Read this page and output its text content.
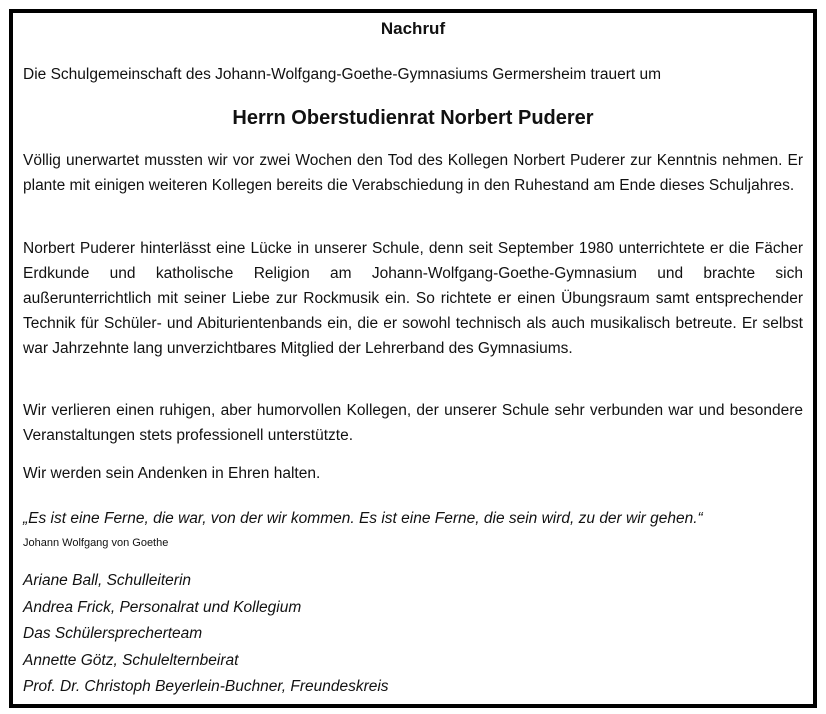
Nachruf
Die Schulgemeinschaft des Johann-Wolfgang-Goethe-Gymnasiums Germersheim trauert um
Herrn Oberstudienrat Norbert Puderer

Völlig unerwartet mussten wir vor zwei Wochen den Tod des Kollegen Norbert Puderer zur Kenntnis nehmen. Er plante mit einigen weiteren Kollegen bereits die Verabschiedung in den Ruhestand am Ende dieses Schuljahres.

Norbert Puderer hinterlässt eine Lücke in unserer Schule, denn seit September 1980 unterrichtete er die Fächer Erdkunde und katholische Religion am Johann-Wolfgang-Goethe-Gymnasium und brachte sich außerunterrichtlich mit seiner Liebe zur Rockmusik ein. So richtete er einen Übungsraum samt entsprechender Technik für Schüler- und Abiturientenbands ein, die er sowohl technisch als auch musikalisch betreute. Er selbst war Jahrzehnte lang unverzichtbares Mitglied der Lehrerband des Gymnasiums.

Wir verlieren einen ruhigen, aber humorvollen Kollegen, der unserer Schule sehr verbunden war und besondere Veranstaltungen stets professionell unterstützte.

Wir werden sein Andenken in Ehren halten.

„Es ist eine Ferne, die war, von der wir kommen. Es ist eine Ferne, die sein wird, zu der wir gehen.“
Johann Wolfgang von Goethe
Ariane Ball, Schulleiterin
Andrea Frick, Personalrat und Kollegium
Das Schülersprecherteam
Annette Götz, Schulelternbeirat
Prof. Dr. Christoph Beyerlein-Buchner, Freundeskreis
